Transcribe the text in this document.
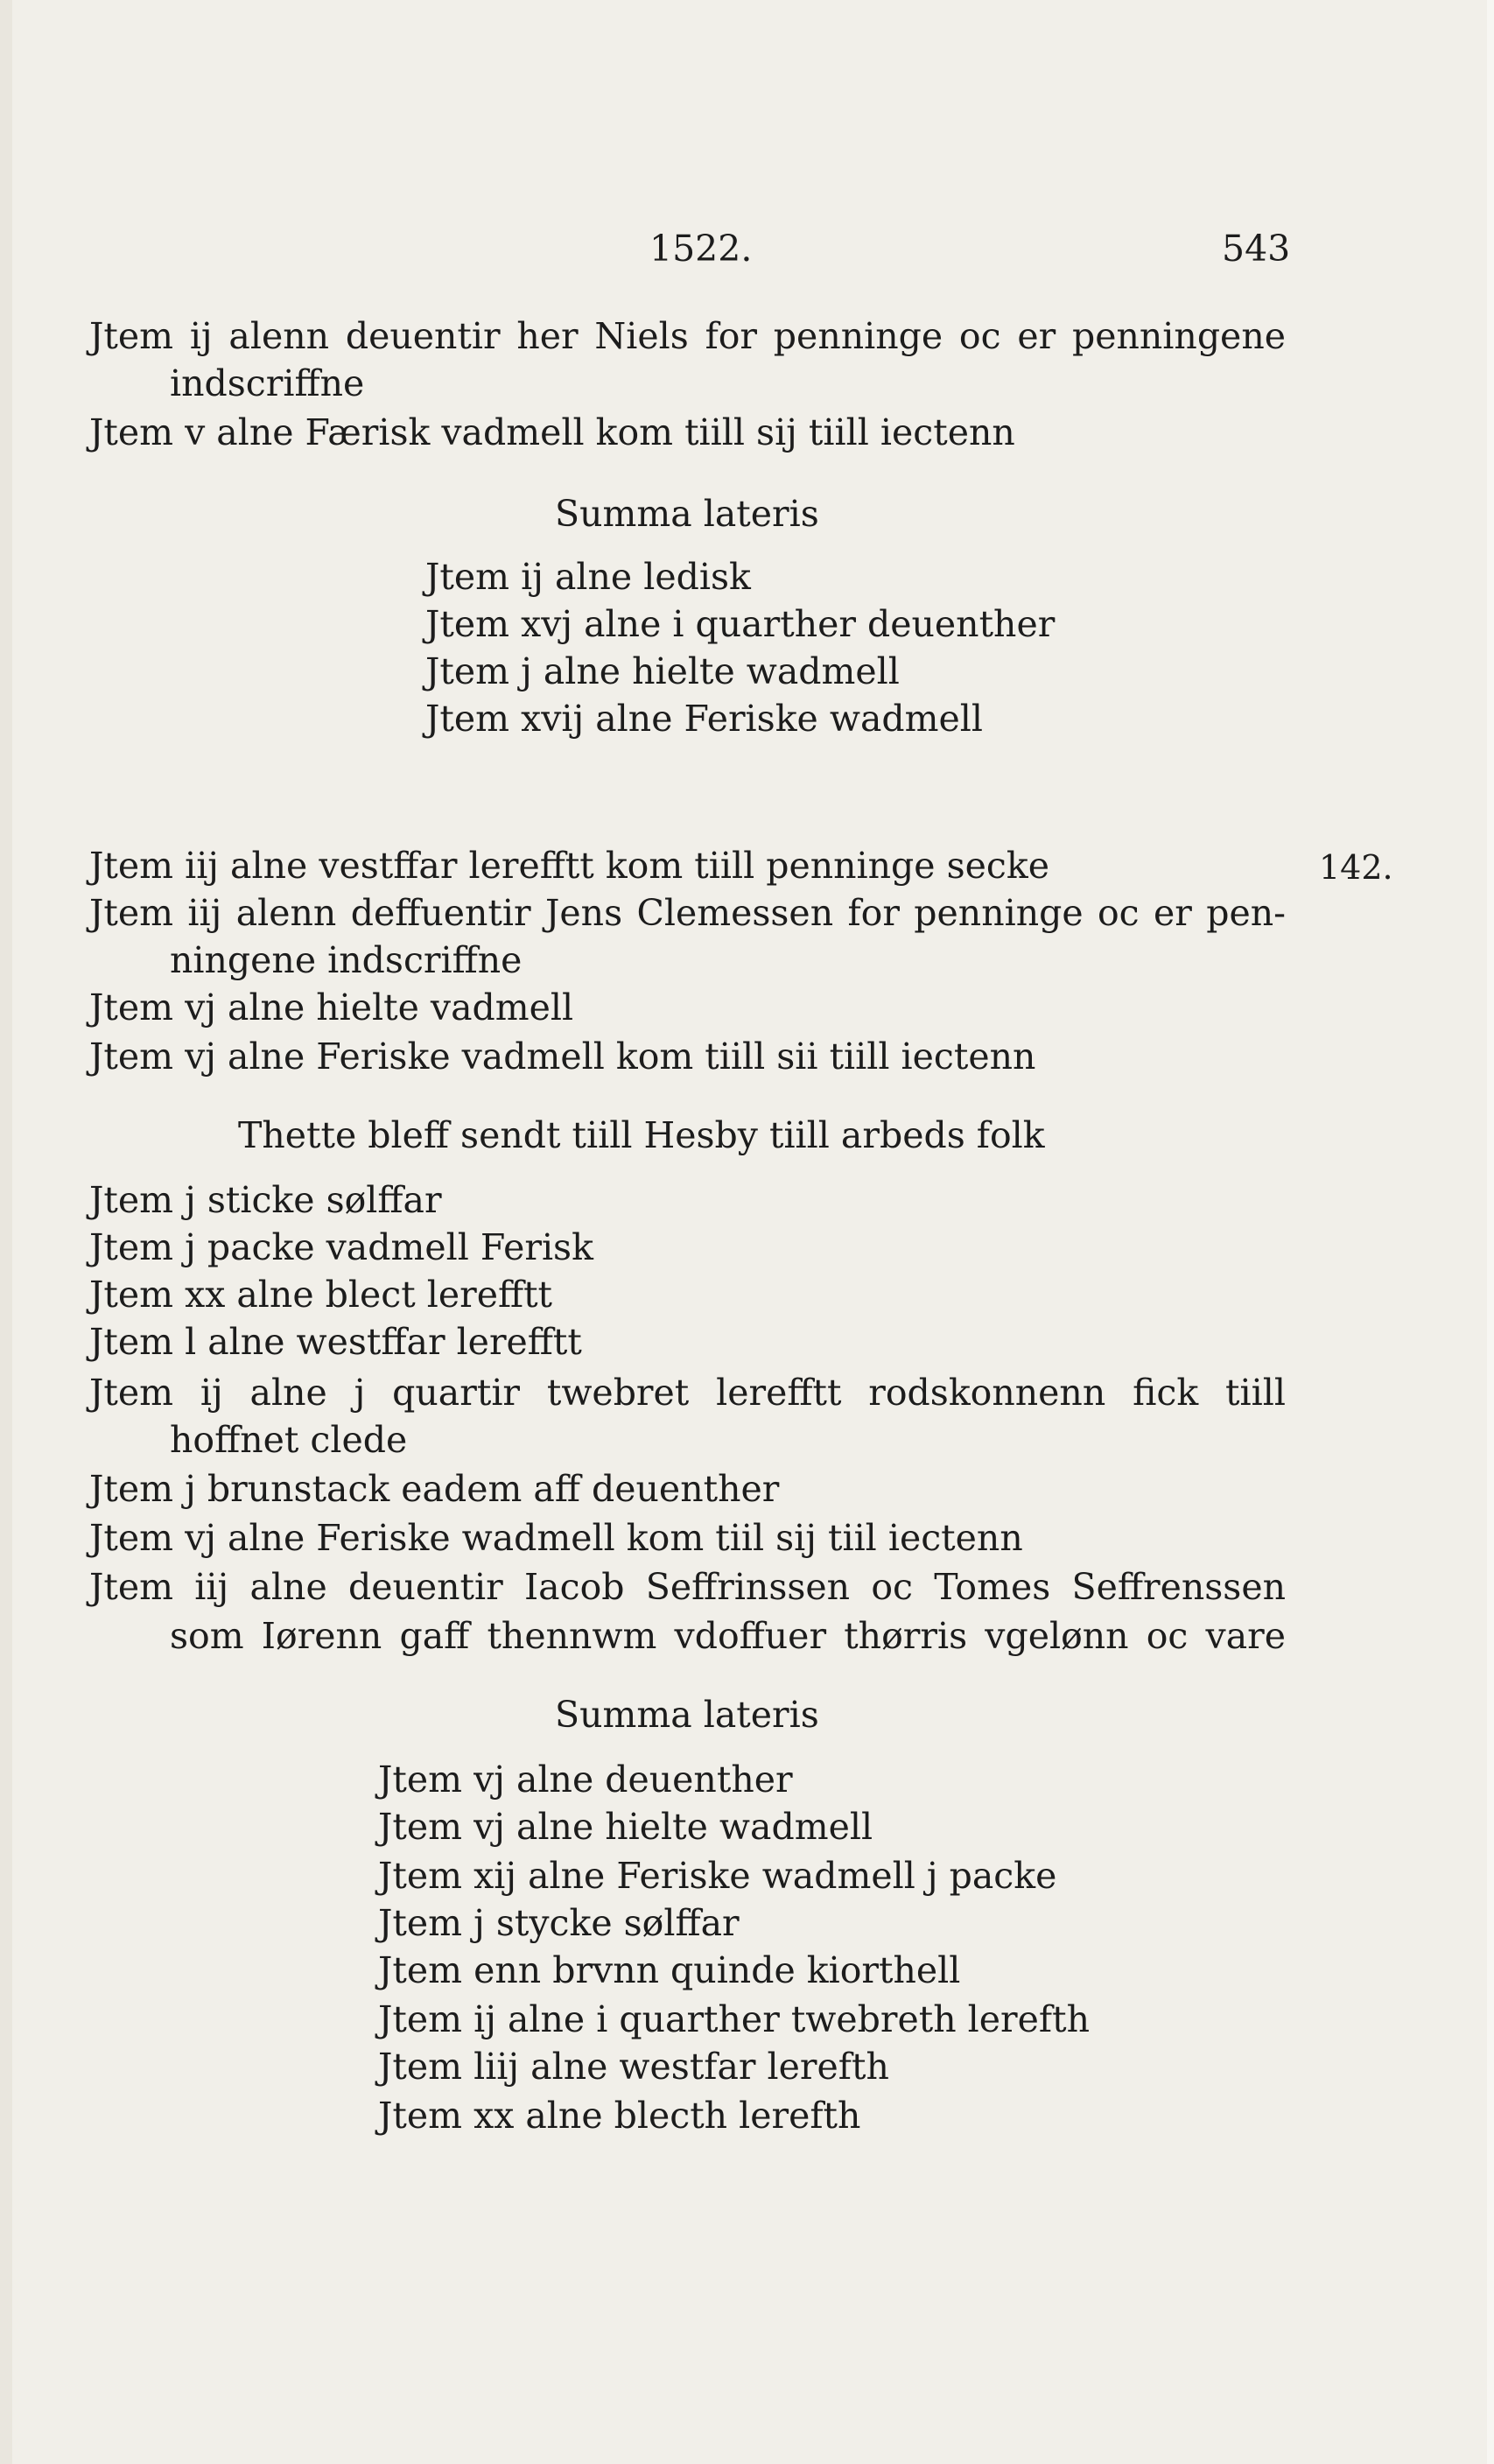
1522.	543
Jtem ij alenn deuentir her Niels for penninge oc er penningene
indscriffne
Jtem v alne Færisk vadmell kom tiill sij tiill iectenn
Summa lateris
Jtem ij alne ledisk
Jtem xvj alne i quarther deuenther
Jtem j alne hielte wadmell
Jtem xvij alne Feriske wadmell
Jtem iij alne vestffar lerefftt kom tiill penninge secke	142.
Jtem iij alenn deffuentir Jens Clemessen for penninge oc er pen-
ningene indscriffne
Jtem vj alne hielte vadmell
Jtem vj alne Feriske vadmell kom tiill sii tiill iectenn
Thette bleff sendt tiill Hesby tiill arbeds folk
Jtem j sticke sølffar
Jtem j packe vadmell Ferisk
Jtem xx alne blect lerefftt
Jtem l alne westffar lerefftt
Jtem ij alne j quartir twebret lerefftt rodskonnenn fick tiill
hoffnet clede
Jtem j brunstack eadem aff deuenther
Jtem vj alne Feriske wadmell kom tiil sij tiil iectenn
Jtem iij alne deuentir Iacob Seffrinssen oc Tomes Seffrenssen
som Iørenn gaff thennwm vdoffuer thørris vgelønn oc vare
Summa lateris
Jtem vj alne deuenther
Jtem vj alne hielte wadmell
Jtem xij alne Feriske wadmell j packe
Jtem j stycke sølffar
Jtem enn brvnn quinde kiorthell
Jtem ij alne i quarther twebreth lerefth
Jtem liij alne westfar lerefth
Jtem xx alne blecth lerefth
